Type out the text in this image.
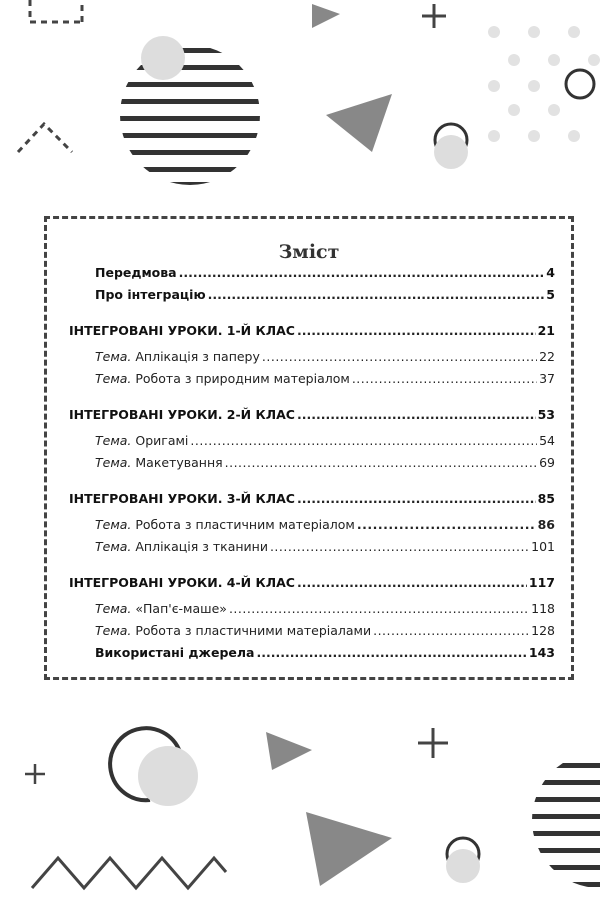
Зміст
Передмова .....	4
Про інтеграцію .....	5
ІНТЕГРОВАНІ УРОКИ. 1-Й КЛАС .....	21
Тема. Аплікація з паперу .....	22
Тема. Робота з природним матеріалом .....	37
ІНТЕГРОВАНІ УРОКИ. 2-Й КЛАС .....	53
Тема. Оригамі .....	54
Тема. Макетування .....	69
ІНТЕГРОВАНІ УРОКИ. 3-Й КЛАС .....	85
Тема. Робота з пластичним матеріалом .....	86
Тема. Аплікація з тканини .....	101
ІНТЕГРОВАНІ УРОКИ. 4-Й КЛАС .....	117
Тема. «Пап'є-маше» .....	118
Тема. Робота з пластичними матеріалами .....	128
Використані джерела .....	143
